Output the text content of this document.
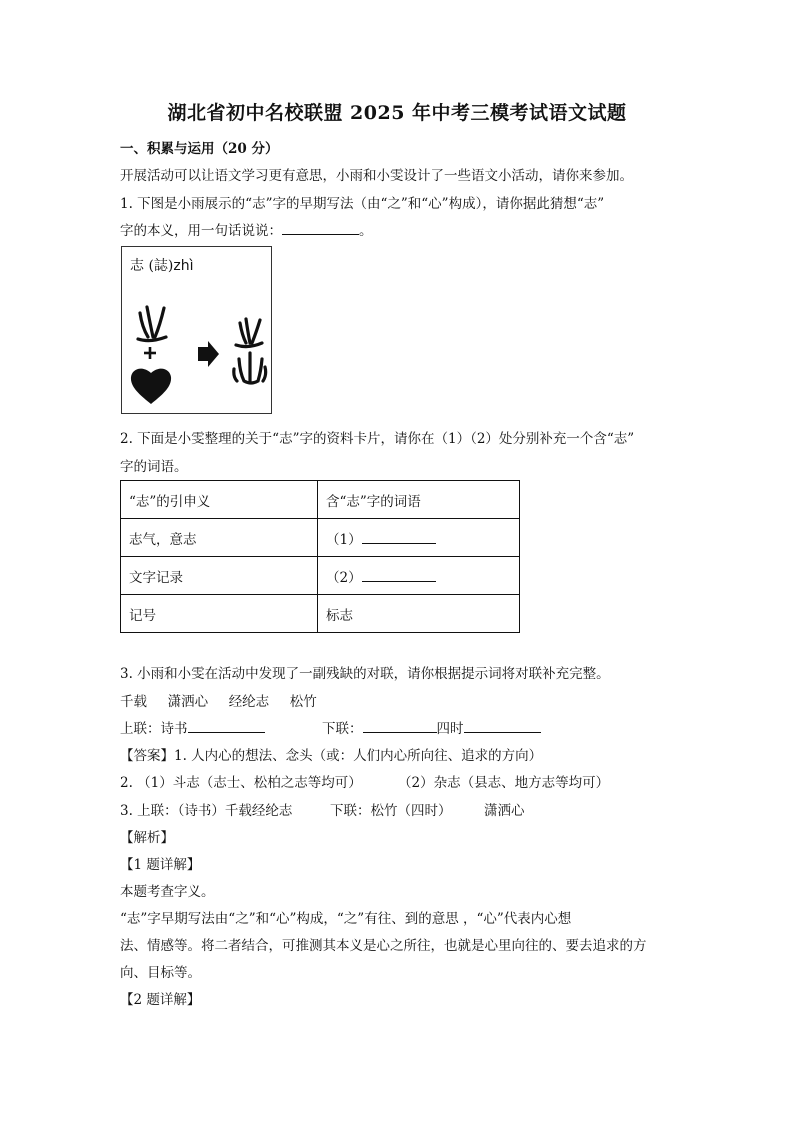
湖北省初中名校联盟 2025 年中考三模考试语文试题
一、积累与运用（20 分）
开展活动可以让语文学习更有意思，小雨和小雯设计了一些语文小活动，请你来参加。
1. 下图是小雨展示的“志”字的早期写法（由“之”和“心”构成），请你据此猜想“志”
字的本义，用一句话说说：	。
志 (誌)zhì
2. 下面是小雯整理的关于“志”字的资料卡片，请你在（1）（2）处分别补充一个含“志”
字的词语。
“志”的引申义	含“志”字的词语
志气，意志	（1）
文字记录	（2）
记号	标志
3. 小雨和小雯在活动中发现了一副残缺的对联，请你根据提示词将对联补充完整。
千载 潇洒心 经纶志 松竹
上联：诗书	下联：	四时
【答案】1. 人内心的想法、念头（或：人们内心所向往、追求的方向）
2. （1）斗志（志士、松柏之志等均可）	（2）杂志（县志、地方志等均可）
3. 上联：（诗书）千载经纶志	下联：松竹（四时） 潇洒心
【解析】
【1 题详解】
本题考查字义。
“志”字早期写法由“之”和“心”构成，“之”有往、到的意思 ，“心”代表内心想
法、情感等。将二者结合，可推测其本义是心之所往，也就是心里向往的、要去追求的方
向、目标等。
【2 题详解】
